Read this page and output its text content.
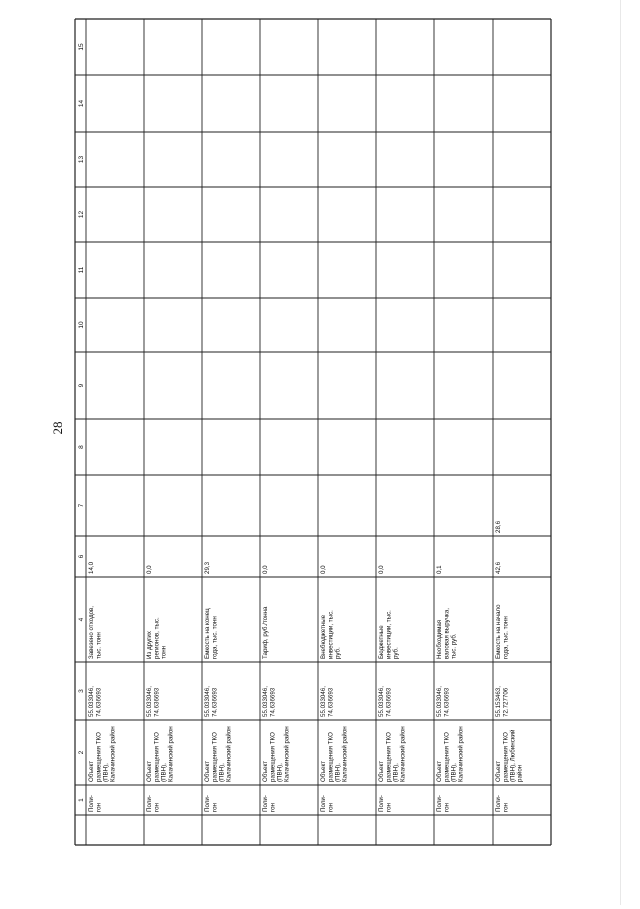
28
15
14
13
12
11
10
9
8
7
6
4
3
2
1 Поли-гон
Объектразмещения ТКО(ПВН),Калачинский район
55.033046,74.636693
Завезено отходов,тыс. тонн
14,0
Поли-гон
Объектразмещения ТКО(ПВН),Калачинский район
55.033046,74.636693
Из другихрегионов, тыс.тонн
0,0
Поли-гон
Объектразмещения ТКО(ПВН),Калачинский район
55.033046,74.636693
Емкость на конецгода, тыс. тонн
29,3
Поли-гон
Объектразмещения ТКО(ПВН),Калачинский район
55.033046,74.636693
Тариф, руб./тонна
0,0
Поли-гон
Объектразмещения ТКО(ПВН),Калачинский район
55.033046,74.636693
Внебюджетныеинвестиции, тыс.руб.
0,0
Поли-гон
Объектразмещения ТКО(ПВН),Калачинский район
55.033046,74.636693
Бюджетныеинвестиции, тыс.руб.
0,0
Поли-гон
Объектразмещения ТКО(ПВН),Калачинский район
55.033046,74.636693
Необходимаяваловая выручка,тыс. руб.
0,1
Поли-гон
Объектразмещения ТКО(ПВН), Любинскийрайон
55.153463,72.727706
Емкость на началогода, тыс. тонн
42,6
28,6
